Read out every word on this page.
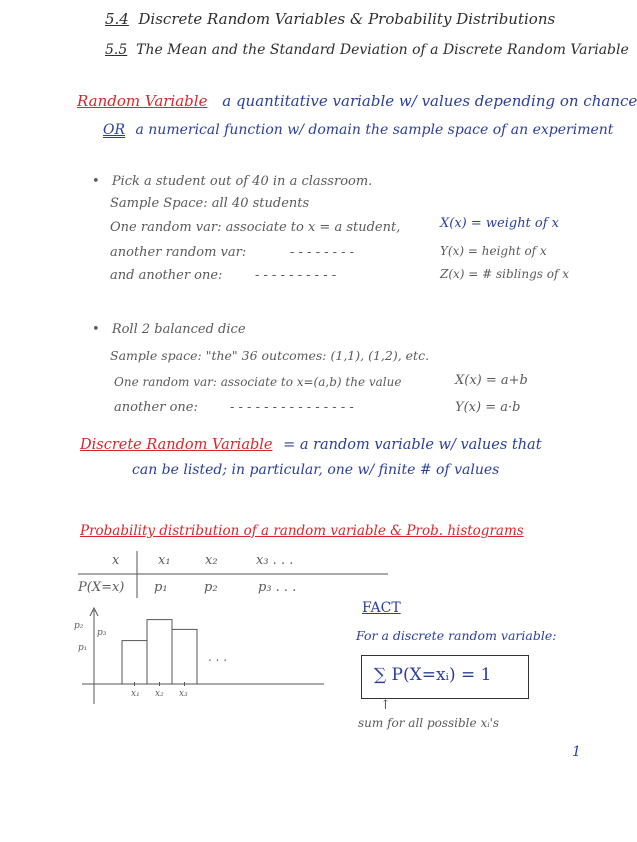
5.4 Discrete Random Variables & Probability Distributions
5.5 The Mean and the Standard Deviation of a Discrete Random Variable
Random Variable a quantitative variable w/ values depending on chance
OR a numerical function w/ domain the sample space of an experiment
• Pick a student out of 40 in a classroom.
Sample Space: all 40 students
One random var: associate to x = a student,	X(x) = weight of x
another random var:	- - - - - - - -	Y(x) = height of x
and another one:	- - - - - - - - - -	Z(x) = # siblings of x
• Roll 2 balanced dice
Sample space: "the" 36 outcomes: (1,1), (1,2), etc.
One random var: associate to x=(a,b) the value	X(x) = a+b
another one: - - - - - - - - - - - - - - -	Y(x) = a·b
Discrete Random Variable = a random variable w/ values that
can be listed; in particular, one w/ finite # of values
Probability distribution of a random variable & Prob. histograms
x	x₁	x₂	x₃ . . .
P(X=x) p₁	p₂	p₃ . . .
p₂
p₃
p₁
x₁ x₂ x₃
. . .
FACT
For a discrete random variable:
∑ P(X=xᵢ) = 1
↑
sum for all possible xᵢ's
1
